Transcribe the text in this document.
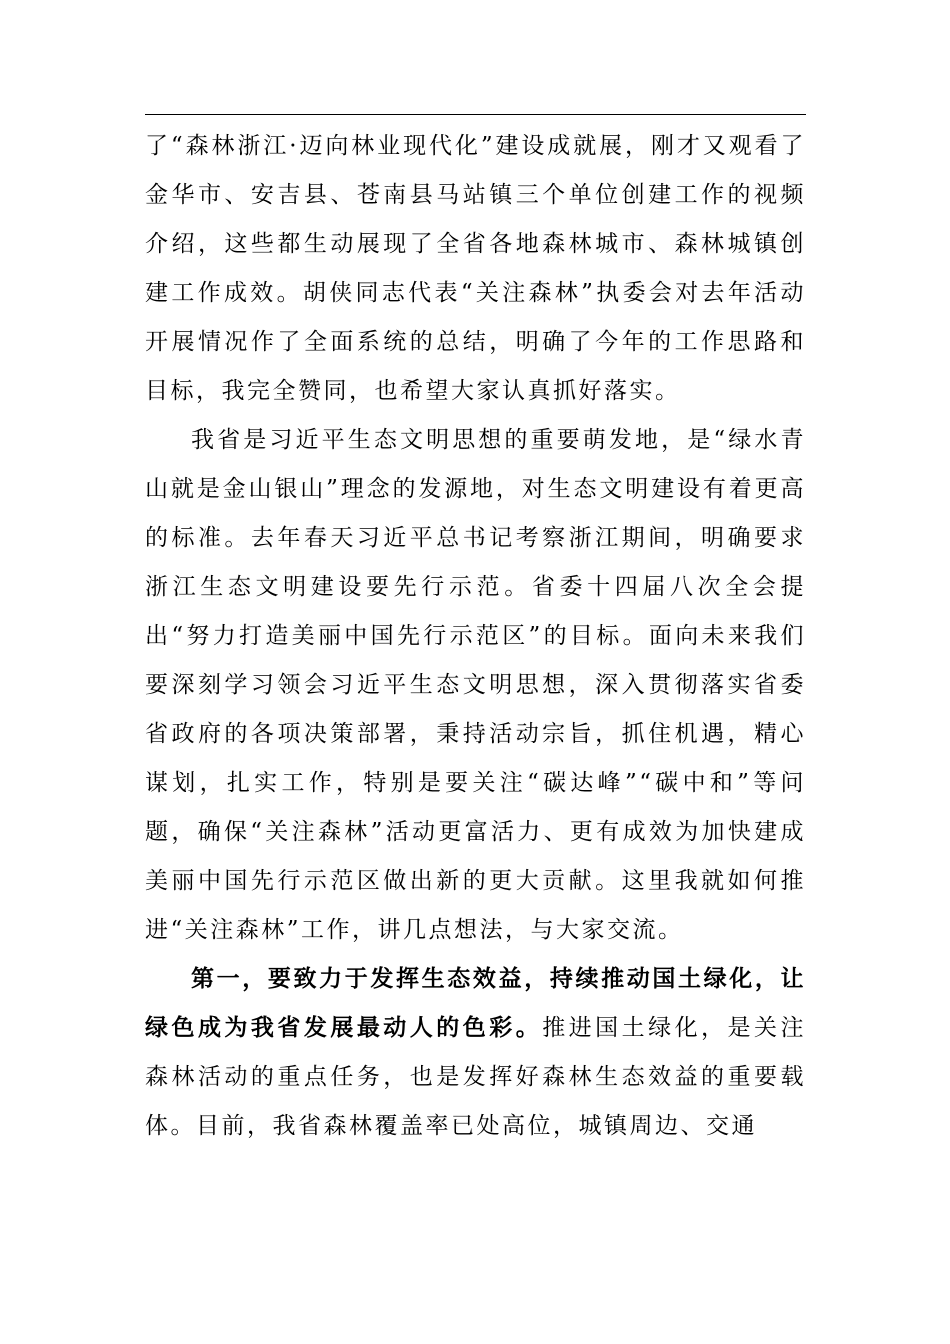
了“森林浙江·迈向林业现代化”建设成就展，刚才又观看了金华市、安吉县、苍南县马站镇三个单位创建工作的视频介绍，这些都生动展现了全省各地森林城市、森林城镇创建工作成效。胡侠同志代表“关注森林”执委会对去年活动开展情况作了全面系统的总结，明确了今年的工作思路和目标，我完全赞同，也希望大家认真抓好落实。

我省是习近平生态文明思想的重要萌发地，是“绿水青山就是金山银山”理念的发源地，对生态文明建设有着更高的标准。去年春天习近平总书记考察浙江期间，明确要求浙江生态文明建设要先行示范。省委十四届八次全会提出“努力打造美丽中国先行示范区”的目标。面向未来我们要深刻学习领会习近平生态文明思想，深入贯彻落实省委省政府的各项决策部署，秉持活动宗旨，抓住机遇，精心谋划，扎实工作，特别是要关注“碳达峰”“碳中和”等问题，确保“关注森林”活动更富活力、更有成效为加快建成美丽中国先行示范区做出新的更大贡献。这里我就如何推进“关注森林”工作，讲几点想法，与大家交流。

第一，要致力于发挥生态效益，持续推动国土绿化，让绿色成为我省发展最动人的色彩。推进国土绿化，是关注森林活动的重点任务，也是发挥好森林生态效益的重要载体。目前，我省森林覆盖率已处高位，城镇周边、交通
